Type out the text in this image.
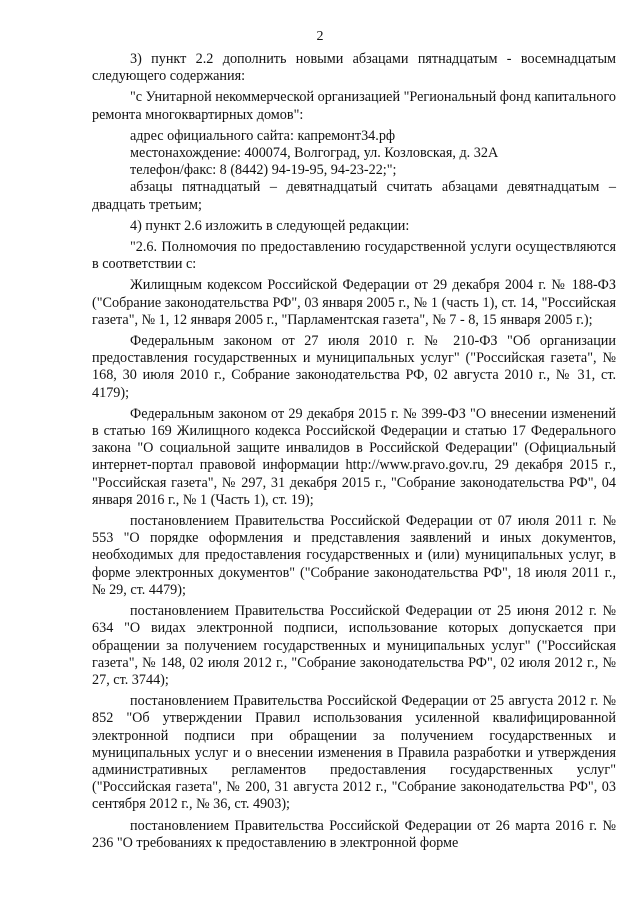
2

3) пункт 2.2 дополнить новыми абзацами пятнадцатым - восемнадцатым следующего содержания:

"с Унитарной некоммерческой организацией "Региональный фонд капитального ремонта многоквартирных домов":

адрес официального сайта: капремонт34.рф

местонахождение: 400074, Волгоград, ул. Козловская, д. 32А

телефон/факс: 8 (8442) 94-19-95, 94-23-22;";

абзацы пятнадцатый – девятнадцатый считать абзацами девятнадцатым – двадцать третьим;

4) пункт 2.6 изложить в следующей редакции:

"2.6. Полномочия по предоставлению государственной услуги осуществляются в соответствии с:

Жилищным кодексом Российской Федерации от 29 декабря 2004 г. № 188-ФЗ ("Собрание законодательства РФ", 03 января 2005 г., № 1 (часть 1), ст. 14, "Российская газета", № 1, 12 января 2005 г., "Парламентская газета", № 7 - 8, 15 января 2005 г.);

Федеральным законом от 27 июля 2010 г. № 210-ФЗ "Об организации предоставления государственных и муниципальных услуг" ("Российская газета", № 168, 30 июля 2010 г., Собрание законодательства РФ, 02 августа 2010 г., № 31, ст. 4179);

Федеральным законом от 29 декабря 2015 г. № 399-ФЗ "О внесении изменений в статью 169 Жилищного кодекса Российской Федерации и статью 17 Федерального закона "О социальной защите инвалидов в Российской Федерации" (Официальный интернет-портал правовой информации http://www.pravo.gov.ru, 29 декабря 2015 г., "Российская газета", № 297, 31 декабря 2015 г., "Собрание законодательства РФ", 04 января 2016 г., № 1 (Часть 1), ст. 19);

постановлением Правительства Российской Федерации от 07 июля 2011 г. № 553 "О порядке оформления и представления заявлений и иных документов, необходимых для предоставления государственных и (или) муниципальных услуг, в форме электронных документов" ("Собрание законодательства РФ", 18 июля 2011 г., № 29, ст. 4479);

постановлением Правительства Российской Федерации от 25 июня 2012 г. № 634 "О видах электронной подписи, использование которых допускается при обращении за получением государственных и муниципальных услуг" ("Российская газета", № 148, 02 июля 2012 г., "Собрание законодательства РФ", 02 июля 2012 г., № 27, ст. 3744);

постановлением Правительства Российской Федерации от 25 августа 2012 г. № 852 "Об утверждении Правил использования усиленной квалифицированной электронной подписи при обращении за получением государственных и муниципальных услуг и о внесении изменения в Правила разработки и утверждения административных регламентов предоставления государственных услуг" ("Российская газета", № 200, 31 августа 2012 г., "Собрание законодательства РФ", 03 сентября 2012 г., № 36, ст. 4903);

постановлением Правительства Российской Федерации от 26 марта 2016 г. № 236 "О требованиях к предоставлению в электронной форме
